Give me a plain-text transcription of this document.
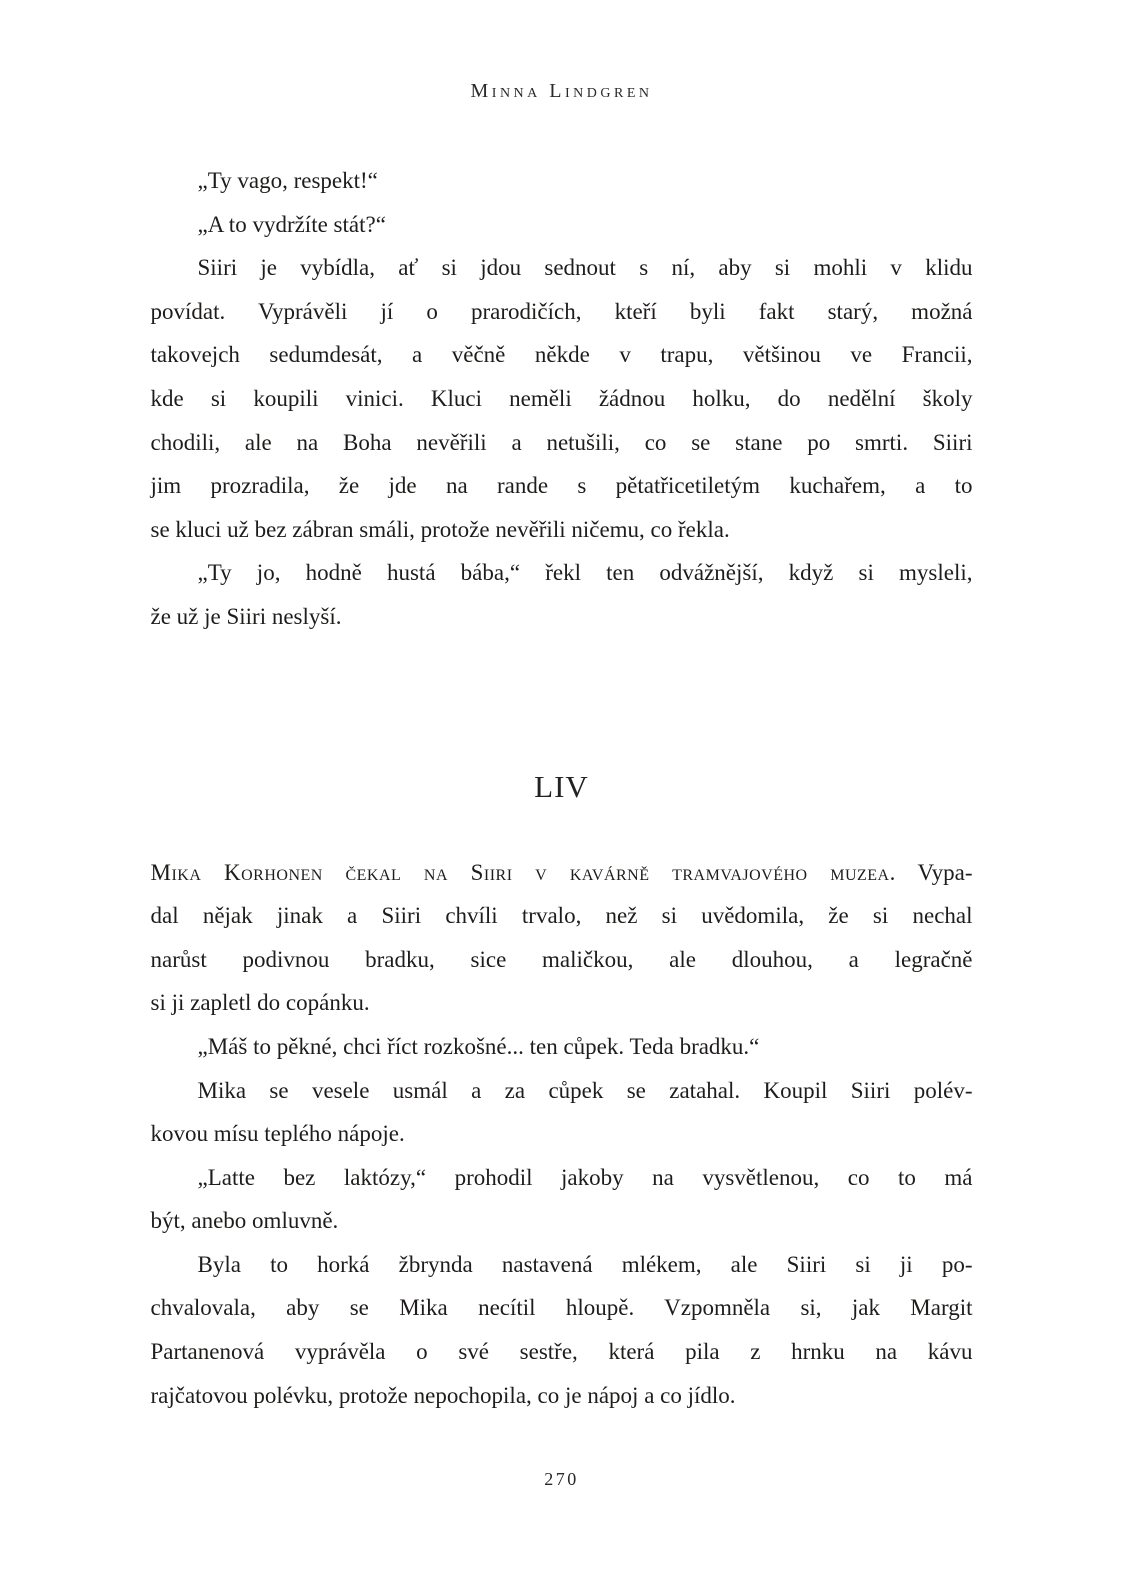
Minna Lindgren
„Ty vago, respekt!“
„A to vydržíte stát?“
Siiri je vybídla, ať si jdou sednout s ní, aby si mohli v klidu
povídat. Vyprávěli jí o prarodičích, kteří byli fakt starý, možná
takovejch sedumdesát, a věčně někde v trapu, většinou ve Francii,
kde si koupili vinici. Kluci neměli žádnou holku, do nedělní školy
chodili, ale na Boha nevěřili a netušili, co se stane po smrti. Siiri
jim prozradila, že jde na rande s pětatřicetiletým kuchařem, a to
se kluci už bez zábran smáli, protože nevěřili ničemu, co řekla.
„Ty jo, hodně hustá bába,“ řekl ten odvážnější, když si mysleli,
že už je Siiri neslyší.
LIV
Mika Korhonen čekal na Siiri v kavárně tramvajového muzea. Vypa-
dal nějak jinak a Siiri chvíli trvalo, než si uvědomila, že si nechal
narůst podivnou bradku, sice maličkou, ale dlouhou, a legračně
si ji zapletl do copánku.
„Máš to pěkné, chci říct rozkošné... ten cůpek. Teda bradku.“
Mika se vesele usmál a za cůpek se zatahal. Koupil Siiri polév-
kovou mísu teplého nápoje.
„Latte bez laktózy,“ prohodil jakoby na vysvětlenou, co to má
být, anebo omluvně.
Byla to horká žbrynda nastavená mlékem, ale Siiri si ji po-
chvalovala, aby se Mika necítil hloupě. Vzpomněla si, jak Margit
Partanenová vyprávěla o své sestře, která pila z hrnku na kávu
rajčatovou polévku, protože nepochopila, co je nápoj a co jídlo.
270
